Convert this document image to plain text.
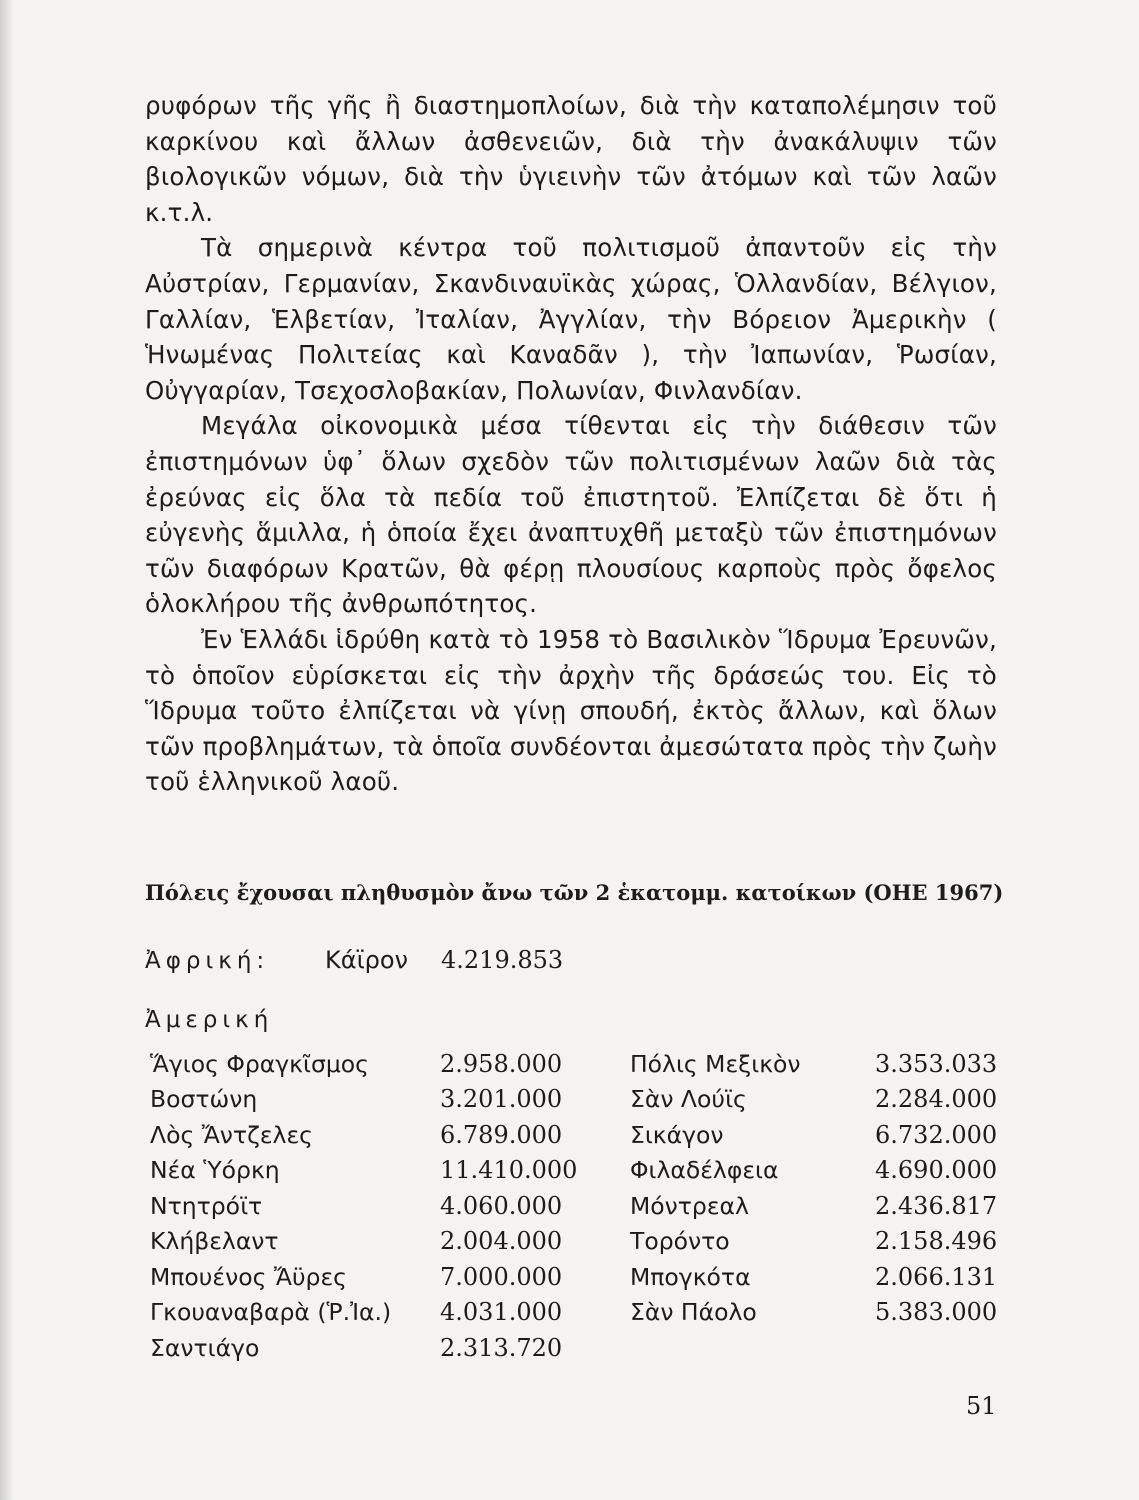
ρυφόρων τῆς γῆς ἢ διαστημοπλοίων, διὰ τὴν καταπολέμησιν τοῦ καρκίνου καὶ ἄλλων ἀσθενειῶν, διὰ τὴν ἀνακάλυψιν τῶν βιολογικῶν νόμων, διὰ τὴν ὑγιεινὴν τῶν ἀτόμων καὶ τῶν λαῶν κ.τ.λ.

Τὰ σημερινὰ κέντρα τοῦ πολιτισμοῦ ἀπαντοῦν εἰς τὴν Αὐστρίαν, Γερμανίαν, Σκανδιναυϊκὰς χώρας, Ὁλλανδίαν, Βέλγιον, Γαλλίαν, Ἑλβετίαν, Ἰταλίαν, Ἀγγλίαν, τὴν Βόρειον Ἀμερικὴν ( Ἡνωμένας Πολιτείας καὶ Καναδᾶν ), τὴν Ἰαπωνίαν, Ῥωσίαν, Οὐγγαρίαν, Τσεχοσλοβακίαν, Πολωνίαν, Φινλανδίαν.

Μεγάλα οἰκονομικὰ μέσα τίθενται εἰς τὴν διάθεσιν τῶν ἐπιστημόνων ὑφ᾽ ὅλων σχεδὸν τῶν πολιτισμένων λαῶν διὰ τὰς ἐρεύνας εἰς ὅλα τὰ πεδία τοῦ ἐπιστητοῦ. Ἐλπίζεται δὲ ὅτι ἡ εὐγενὴς ἅμιλλα, ἡ ὁποία ἔχει ἀναπτυχθῆ μεταξὺ τῶν ἐπιστημόνων τῶν διαφόρων Κρατῶν, θὰ φέρῃ πλουσίους καρποὺς πρὸς ὄφελος ὁλοκλήρου τῆς ἀνθρωπότητος.

Ἐν Ἑλλάδι ἱδρύθη κατὰ τὸ 1958 τὸ Βασιλικὸν Ἵδρυμα Ἐρευνῶν, τὸ ὁποῖον εὑρίσκεται εἰς τὴν ἀρχὴν τῆς δράσεώς του. Εἰς τὸ Ἵδρυμα τοῦτο ἐλπίζεται νὰ γίνῃ σπουδή, ἐκτὸς ἄλλων, καὶ ὅλων τῶν προβλημάτων, τὰ ὁποῖα συνδέονται ἀμεσώτατα πρὸς τὴν ζωὴν τοῦ ἑλληνικοῦ λαοῦ.

Πόλεις ἔχουσαι πληθυσμὸν ἄνω τῶν 2 ἑκατομμ. κατοίκων (ΟΗΕ 1967)
Ἀφρική: Κάϊρον 4.219.853
Ἀμερική
Ἅγιος Φραγκῖσμος	2.958.000	Πόλις Μεξικὸν	3.353.033
Βοστώνη	3.201.000	Σὰν Λούϊς	2.284.000
Λὸς Ἄντζελες	6.789.000	Σικάγον	6.732.000
Νέα Ὑόρκη	11.410.000	Φιλαδέλφεια	4.690.000
Ντητρόϊτ	4.060.000	Μόντρεαλ	2.436.817
Κλήβελαντ	2.004.000	Τορόντο	2.158.496
Μπουένος Ἄϋρες	7.000.000	Μπογκότα	2.066.131
Γκουαναβαρὰ (Ῥ.Ἰα.)	4.031.000	Σὰν Πάολο	5.383.000
Σαντιάγο	2.313.720		
51
